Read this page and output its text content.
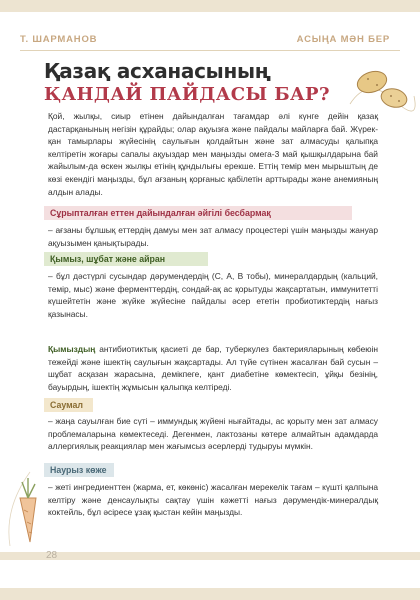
Т. ШАРМАНОВ	АСЫҢА МӘН БЕР
Қазақ асханасының
ҚАНДАЙ ПАЙДАСЫ БАР?
Қой, жылқы, сиыр етінен дайындалған тағамдар әлі күнге дейін қазақ дастарқанының негізін құрайды; олар ақуызға және пайдалы майларға бай. Жүрек-қан тамырлары жүйесінің саулығын қолдайтын және зат алмасуды қалыпқа келтіретін жоғары сапалы ақуыздар мен маңызды омега-3 май қышқылдарына бай жайылым-да өскен жылқы етінің құндылығы ерекше. Еттің темір мен мырыштың де көзі екендігі маңызды, бұл ағзаның қорғаныс қабілетін арттырады және анемияның алдын алады.
Сұрыпталған еттен дайындалған әйгілі бесбармақ
– ағзаны бұлшық еттердің дамуы мен зат алмасу процестері үшін маңызды жануар ақуызымен қанықтырады.
Қымыз, шұбат және айран
– бұл дәстүрлі сусындар дәрумендердің (С, А, В тобы), минералдардың (кальций, темір, мыс) және ферменттердің, сондай-ақ ас қорытуды жақсартатын, иммунитетті күшейтетін және жүйке жүйесіне пайдалы әсер ететін пробиотиктердің нағыз қазынасы.
Қымыздың антибиотиктық қасиеті де бар, туберкулез бактерияларының көбеюін тежейді және ішектің саулығын жақсартады. Ал түйе сүтінен жасалған бай сусын – шұбат асқазан жарасына, демікпеге, қант диабетіне көмектесіп, ұйқы безінің, бауырдың, ішектің жұмысын қалыпқа келтіреді.
Саумал
– жаңа сауылған бие сүті – иммундық жүйені нығайтады, ас қорыту мен зат алмасу проблемаларына көмектеседі. Дегенмен, лактозаны көтере алмайтын адамдарда аллергиялық реакциялар мен жағымсыз әсерлерді тудыруы мүмкін.
Наурыз көже
– жеті ингредиенттен (жарма, ет, көкөніс) жасалған мерекелік тағам – күшті қалпына келтіру және денсаулықты сақтау үшін кәжетті нағыз дәрумендік-минералдық коктейль, бұл әсіресе ұзақ қыстан кейін маңызды.
28
